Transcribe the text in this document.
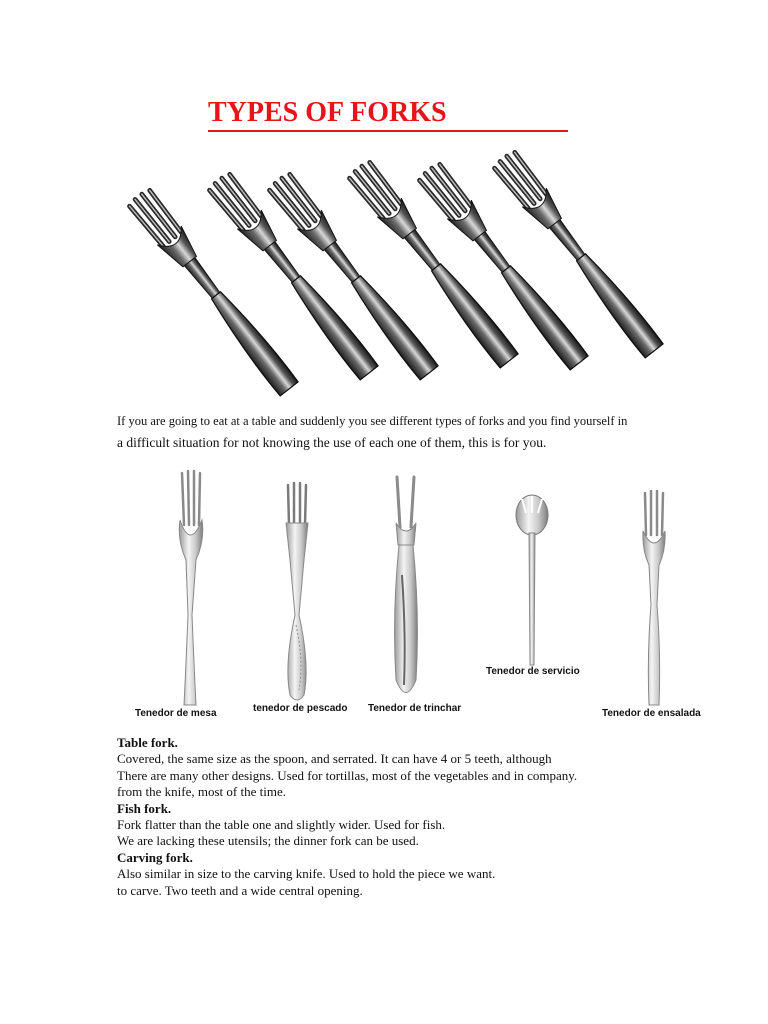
TYPES OF FORKS
If you are going to eat at a table and suddenly you see different types of forks and you find yourself in
a difficult situation for not knowing the use of each one of them, this is for you.
Tenedor de mesa	tenedor de pescado Tenedor de trinchar
Tenedor de servicio
Tenedor de ensalada
Table fork.
Covered, the same size as the spoon, and serrated. It can have 4 or 5 teeth, although
There are many other designs. Used for tortillas, most of the vegetables and in company.
from the knife, most of the time.
Fish fork.
Fork flatter than the table one and slightly wider. Used for fish.
We are lacking these utensils; the dinner fork can be used.
Carving fork.
Also similar in size to the carving knife. Used to hold the piece we want.
to carve. Two teeth and a wide central opening.
